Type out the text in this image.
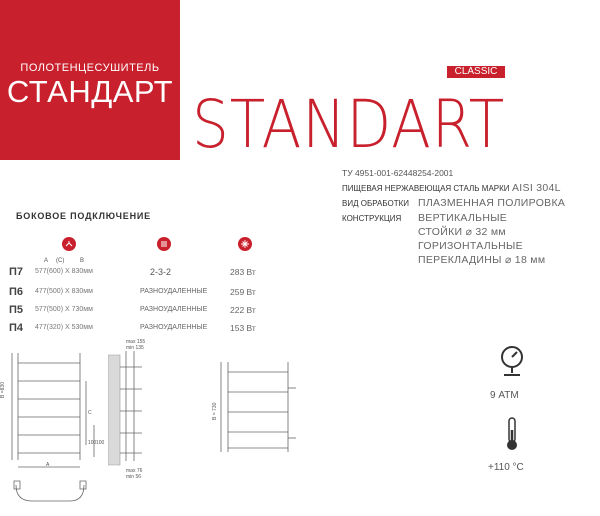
ПОЛОТЕНЦЕСУШИТЕЛЬ
СТАНДАРТ
CLASSIC
STANDART
ТУ 4951-001-62448254-2001
ПИЩЕВАЯ НЕРЖАВЕЮЩАЯ СТАЛЬ МАРКИ AISI 304L
ВИД ОБРАБОТКИ ПЛАЗМЕННАЯ ПОЛИРОВКА
КОНСТРУКЦИЯ ВЕРТИКАЛЬНЫЕ
СТОЙКИ ⌀ 32 мм
ГОРИЗОНТАЛЬНЫЕ
ПЕРЕКЛАДИНЫ ⌀ 18 мм
БОКОВОЕ ПОДКЛЮЧЕНИЕ
A (C)	B
П7 577(600) X 830мм	2-3-2	283 Вт
П6 477(500) X 830мм	РАЗНОУДАЛЕННЫЕ	259 Вт
П5 577(500) X 730мм	РАЗНОУДАЛЕННЫЕ	222 Вт
П4 477(320) X 530мм	РАЗНОУДАЛЕННЫЕ	153 Вт
B =830
C
A
100 100
max 155
min 135
max 76
min 56
B = 730
9 АТМ
+110 °С
